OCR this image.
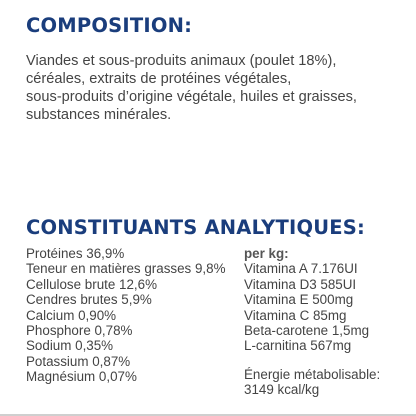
COMPOSITION:

Viandes et sous-produits animaux (poulet 18%),
céréales, extraits de protéines végétales,
sous-produits d’origine végétale, huiles et graisses,
substances minérales.

CONSTITUANTS ANALYTIQUES:
Protéines 36,9%
Teneur en matières grasses 9,8%
Cellulose brute 12,6%
Cendres brutes 5,9%
Calcium 0,90%
Phosphore 0,78%
Sodium 0,35%
Potassium 0,87%
Magnésium 0,07%
per kg:
Vitamina A 7.176UI
Vitamina D3 585UI
Vitamina E 500mg
Vitamina C 85mg
Beta-carotene 1,5mg
L-carnitina 567mg
Énergie métabolisable:
3149 kcal/kg
